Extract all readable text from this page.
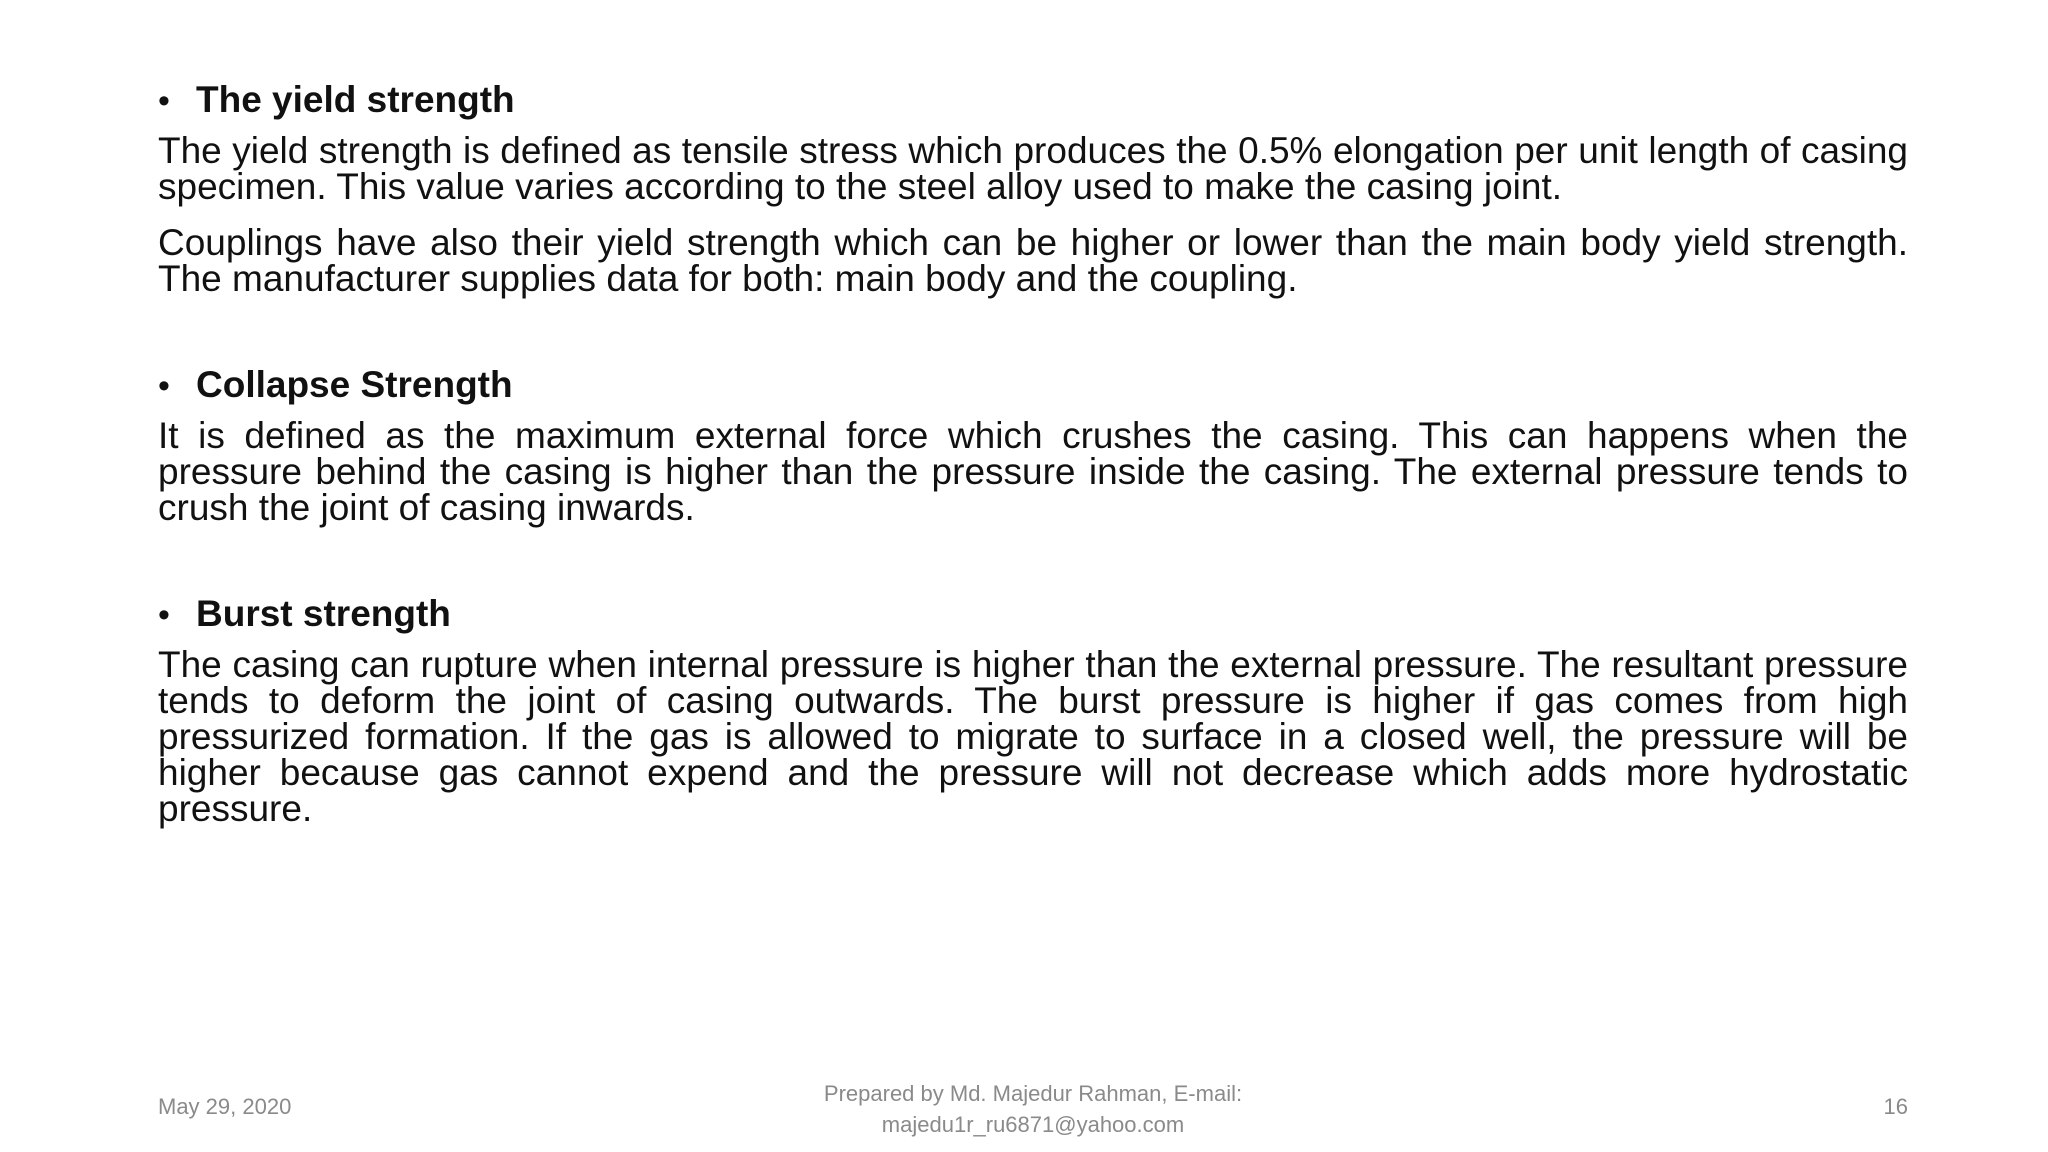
• The yield strength

The yield strength is defined as tensile stress which produces the 0.5% elongation per unit length of casing specimen. This value varies according to the steel alloy used to make the casing joint.

Couplings have also their yield strength which can be higher or lower than the main body yield strength. The manufacturer supplies data for both: main body and the coupling.

• Collapse Strength

It is defined as the maximum external force which crushes the casing. This can happens when the pressure behind the casing is higher than the pressure inside the casing. The external pressure tends to crush the joint of casing inwards.

• Burst strength

The casing can rupture when internal pressure is higher than the external pressure. The resultant pressure tends to deform the joint of casing outwards. The burst pressure is higher if gas comes from high pressurized formation. If the gas is allowed to migrate to surface in a closed well, the pressure will be higher because gas cannot expend and the pressure will not decrease which adds more hydrostatic pressure.

May 29, 2020
Prepared by Md. Majedur Rahman, E-mail:
majedu1r_ru6871@yahoo.com
16
